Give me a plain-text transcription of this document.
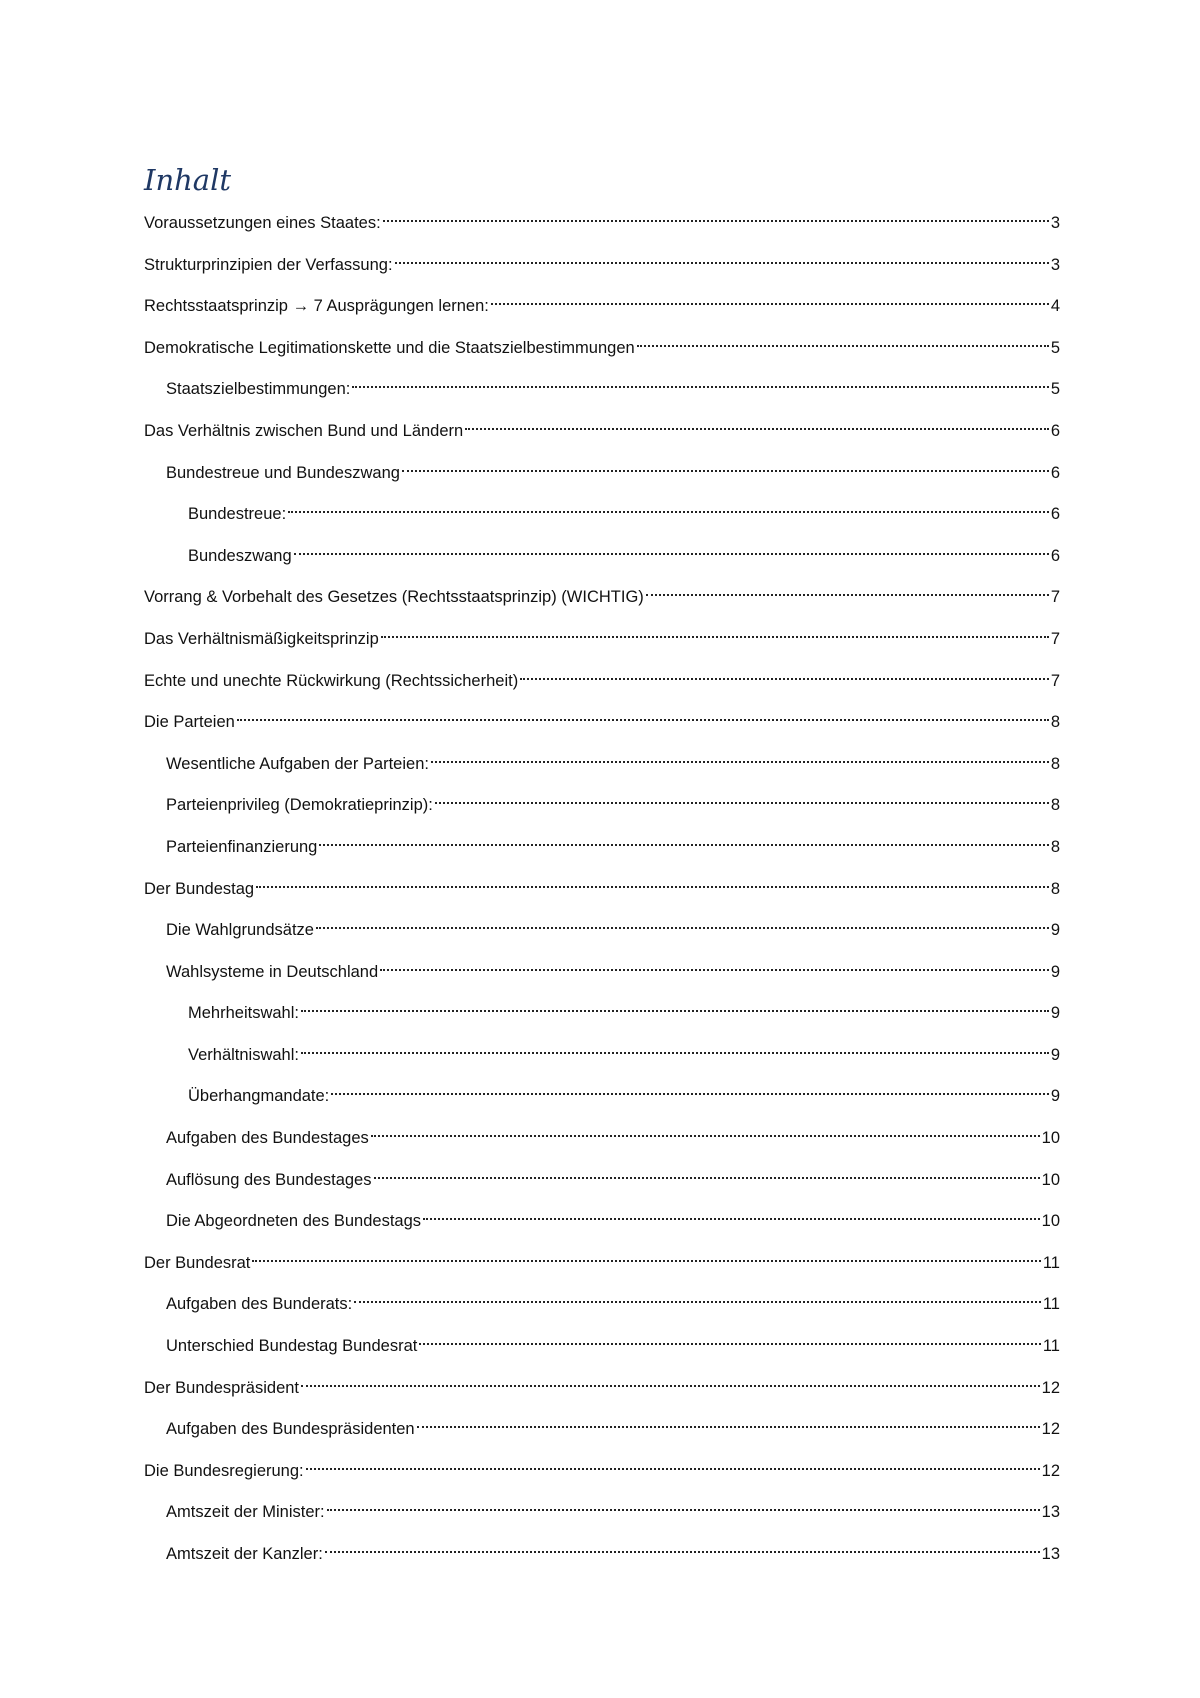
Inhalt
Voraussetzungen eines Staates:	3
Strukturprinzipien der Verfassung:	3
Rechtsstaatsprinzip → 7 Ausprägungen lernen:	4
Demokratische Legitimationskette und die Staatszielbestimmungen	5
Staatszielbestimmungen:	5
Das Verhältnis zwischen Bund und Ländern	6
Bundestreue und Bundeszwang	6
Bundestreue:	6
Bundeszwang	6
Vorrang & Vorbehalt des Gesetzes (Rechtsstaatsprinzip) (WICHTIG)	7
Das Verhältnismäßigkeitsprinzip	7
Echte und unechte Rückwirkung (Rechtssicherheit)	7
Die Parteien	8
Wesentliche Aufgaben der Parteien:	8
Parteienprivileg (Demokratieprinzip):	8
Parteienfinanzierung	8
Der Bundestag	8
Die Wahlgrundsätze	9
Wahlsysteme in Deutschland	9
Mehrheitswahl:	9
Verhältniswahl:	9
Überhangmandate:	9
Aufgaben des Bundestages	10
Auflösung des Bundestages	10
Die Abgeordneten des Bundestags	10
Der Bundesrat	11
Aufgaben des Bunderats:	11
Unterschied Bundestag Bundesrat	11
Der Bundespräsident	12
Aufgaben des Bundespräsidenten	12
Die Bundesregierung:	12
Amtszeit der Minister:	13
Amtszeit der Kanzler:	13
